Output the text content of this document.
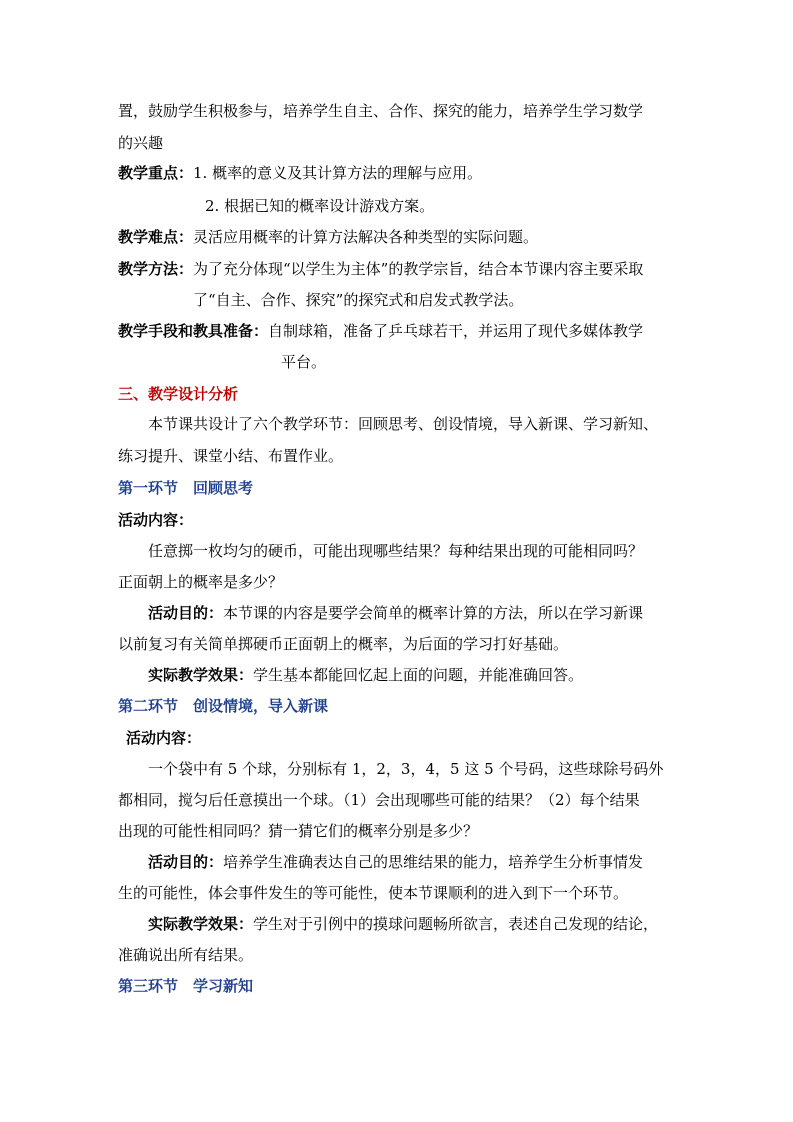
置，鼓励学生积极参与，培养学生自主、合作、探究的能力，培养学生学习数学
的兴趣
教学重点：1. 概率的意义及其计算方法的理解与应用。
2. 根据已知的概率设计游戏方案。
教学难点：灵活应用概率的计算方法解决各种类型的实际问题。
教学方法：为了充分体现“以学生为主体”的教学宗旨，结合本节课内容主要采取
了“自主、合作、探究”的探究式和启发式教学法。
教学手段和教具准备：自制球箱，准备了乒乓球若干，并运用了现代多媒体教学
平台。
三、教学设计分析
本节课共设计了六个教学环节：回顾思考、创设情境，导入新课、学习新知、
练习提升、课堂小结、布置作业。
第一环节　回顾思考
活动内容：
任意掷一枚均匀的硬币，可能出现哪些结果？每种结果出现的可能相同吗？
正面朝上的概率是多少？
活动目的：本节课的内容是要学会简单的概率计算的方法，所以在学习新课
以前复习有关简单掷硬币正面朝上的概率，为后面的学习打好基础。
实际教学效果：学生基本都能回忆起上面的问题，并能准确回答。
第二环节　创设情境，导入新课
活动内容：
一个袋中有 5 个球，分别标有 1，2，3，4，5 这 5 个号码，这些球除号码外
都相同，搅匀后任意摸出一个球。（1）会出现哪些可能的结果？（2）每个结果
出现的可能性相同吗？猜一猜它们的概率分别是多少？
活动目的：培养学生准确表达自己的思维结果的能力，培养学生分析事情发
生的可能性，体会事件发生的等可能性，使本节课顺利的进入到下一个环节。
实际教学效果：学生对于引例中的摸球问题畅所欲言，表述自己发现的结论，
准确说出所有结果。
第三环节　学习新知
